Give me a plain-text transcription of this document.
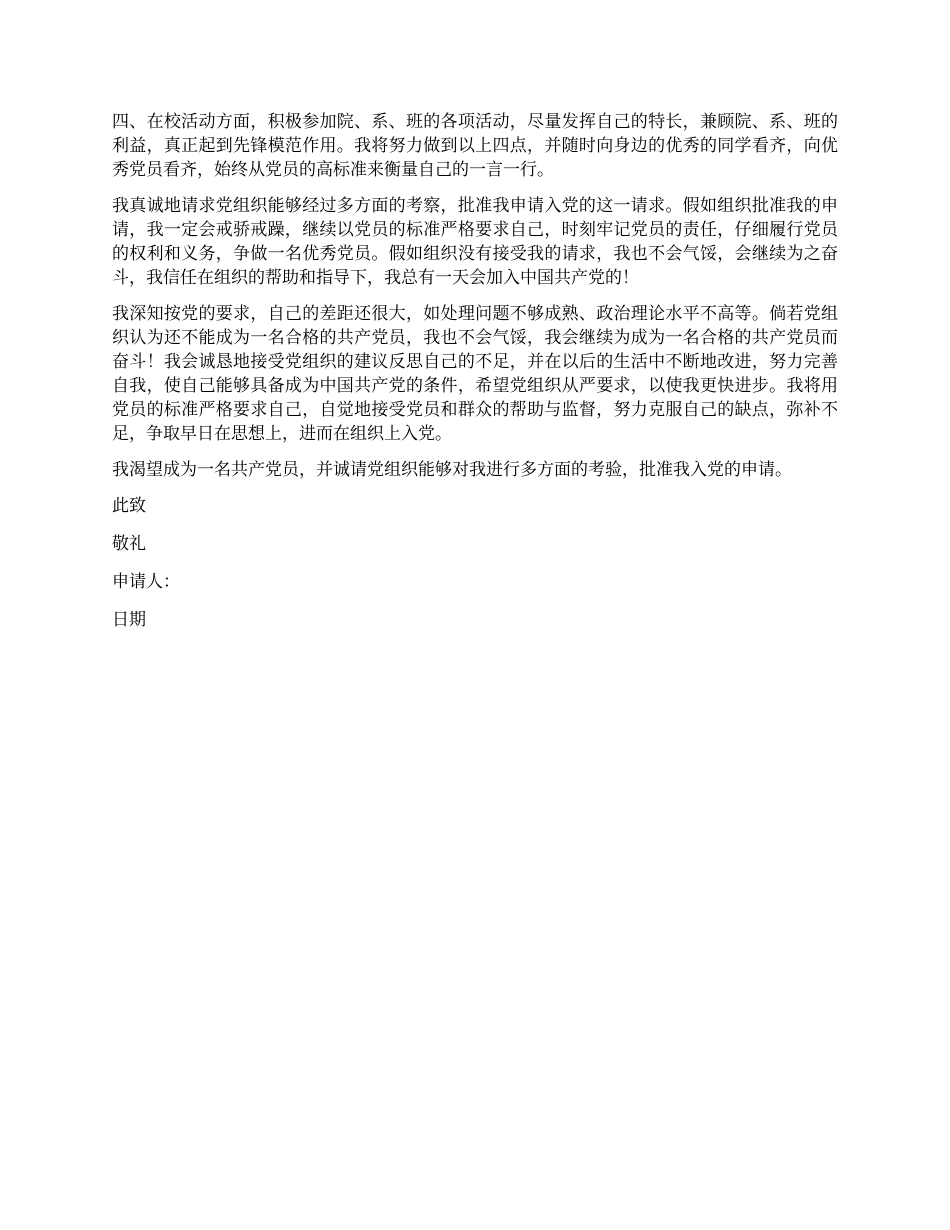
四、在校活动方面，积极参加院、系、班的各项活动，尽量发挥自己的特长，兼顾院、系、班的利益，真正起到先锋模范作用。我将努力做到以上四点，并随时向身边的优秀的同学看齐，向优秀党员看齐，始终从党员的高标准来衡量自己的一言一行。

我真诚地请求党组织能够经过多方面的考察，批准我申请入党的这一请求。假如组织批准我的申请，我一定会戒骄戒躁，继续以党员的标准严格要求自己，时刻牢记党员的责任，仔细履行党员的权利和义务，争做一名优秀党员。假如组织没有接受我的请求，我也不会气馁，会继续为之奋斗，我信任在组织的帮助和指导下，我总有一天会加入中国共产党的！

我深知按党的要求，自己的差距还很大，如处理问题不够成熟、政治理论水平不高等。倘若党组织认为还不能成为一名合格的共产党员，我也不会气馁，我会继续为成为一名合格的共产党员而奋斗！我会诚恳地接受党组织的建议反思自己的不足，并在以后的生活中不断地改进，努力完善自我，使自己能够具备成为中国共产党的条件，希望党组织从严要求，以使我更快进步。我将用党员的标准严格要求自己，自觉地接受党员和群众的帮助与监督，努力克服自己的缺点，弥补不足，争取早日在思想上，进而在组织上入党。

我渴望成为一名共产党员，并诚请党组织能够对我进行多方面的考验，批准我入党的申请。

此致
敬礼
申请人：
日期
